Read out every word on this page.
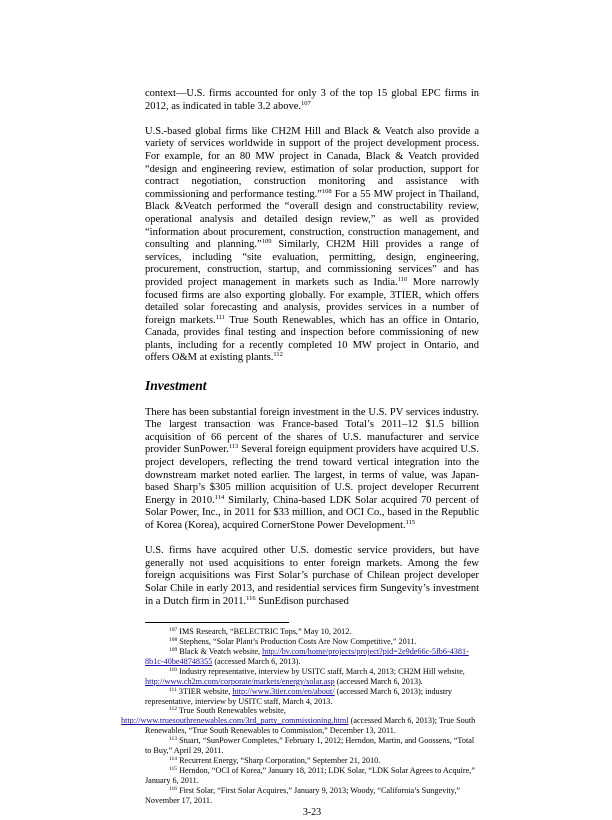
context—U.S. firms accounted for only 3 of the top 15 global EPC firms in 2012, as indicated in table 3.2 above.$^{107}$

U.S.-based global firms like CH2M Hill and Black & Veatch also provide a variety of services worldwide in support of the project development process. For example, for an 80 MW project in Canada, Black & Veatch provided “design and engineering review, estimation of solar production, support for contract negotiation, construction monitoring and assistance with commissioning and performance testing.”$^{108}$ For a 55 MW project in Thailand, Black &Veatch performed the “overall design and constructability review, operational analysis and detailed design review,” as well as provided “information about procurement, construction, construction management, and consulting and planning.”$^{109}$ Similarly, CH2M Hill provides a range of services, including “site evaluation, permitting, design, engineering, procurement, construction, startup, and commissioning services” and has provided project management in markets such as India.$^{110}$ More narrowly focused firms are also exporting globally. For example, 3TIER, which offers detailed solar forecasting and analysis, provides services in a number of foreign markets.$^{111}$ True South Renewables, which has an office in Ontario, Canada, provides final testing and inspection before commissioning of new plants, including for a recently completed 10 MW project in Ontario, and offers O&M at existing plants.$^{112}$

Investment

There has been substantial foreign investment in the U.S. PV services industry. The largest transaction was France-based Total’s 2011–12 $1.5 billion acquisition of 66 percent of the shares of U.S. manufacturer and service provider SunPower.$^{113}$ Several foreign equipment providers have acquired U.S. project developers, reflecting the trend toward vertical integration into the downstream market noted earlier. The largest, in terms of value, was Japan-based Sharp’s $305 million acquisition of U.S. project developer Recurrent Energy in 2010.$^{114}$ Similarly, China-based LDK Solar acquired 70 percent of Solar Power, Inc., in 2011 for $33 million, and OCI Co., based in the Republic of Korea (Korea), acquired CornerStone Power Development.$^{115}$

U.S. firms have acquired other U.S. domestic service providers, but have generally not used acquisitions to enter foreign markets. Among the few foreign acquisitions was First Solar’s purchase of Chilean project developer Solar Chile in early 2013, and residential services firm Sungevity’s investment in a Dutch firm in 2011.$^{116}$ SunEdison purchased

$^{107}$ IMS Research, “BELECTRIC Tops,” May 10, 2012.

$^{108}$ Stephens, “Solar Plant’s Production Costs Are Now Competitive,” 2011.

$^{109}$ Black & Veatch website, http://bv.com/home/projects/project?pid=2e9de66c-5fb6-4381-8b1c-40be48748355 (accessed March 6, 2013).

$^{110}$ Industry representative, interview by USITC staff, March 4, 2013; CH2M Hill website, http://www.ch2m.com/corporate/markets/energy/solar.asp (accessed March 6, 2013).

$^{111}$ 3TIER website, http://www.3tier.com/en/about/ (accessed March 6, 2013); industry representative, interview by USITC staff, March 4, 2013.

$^{112}$ True South Renewables website,
http://www.truesouthrenewables.com/3rd_party_commissioning.html (accessed March 6, 2013); True South Renewables, “True South Renewables to Commission,” December 13, 2011.

$^{113}$ Stuart, “SunPower Completes,” February 1, 2012; Herndon, Martin, and Goossens, “Total to Buy,” April 29, 2011.

$^{114}$ Recurrent Energy, “Sharp Corporation,” September 21, 2010.

$^{115}$ Herndon, “OCI of Korea,” January 18, 2011; LDK Solar, “LDK Solar Agrees to Acquire,” January 6, 2011.

$^{116}$ First Solar, “First Solar Acquires,” January 9, 2013; Woody, “California’s Sungevity,” November 17, 2011.

3-23
